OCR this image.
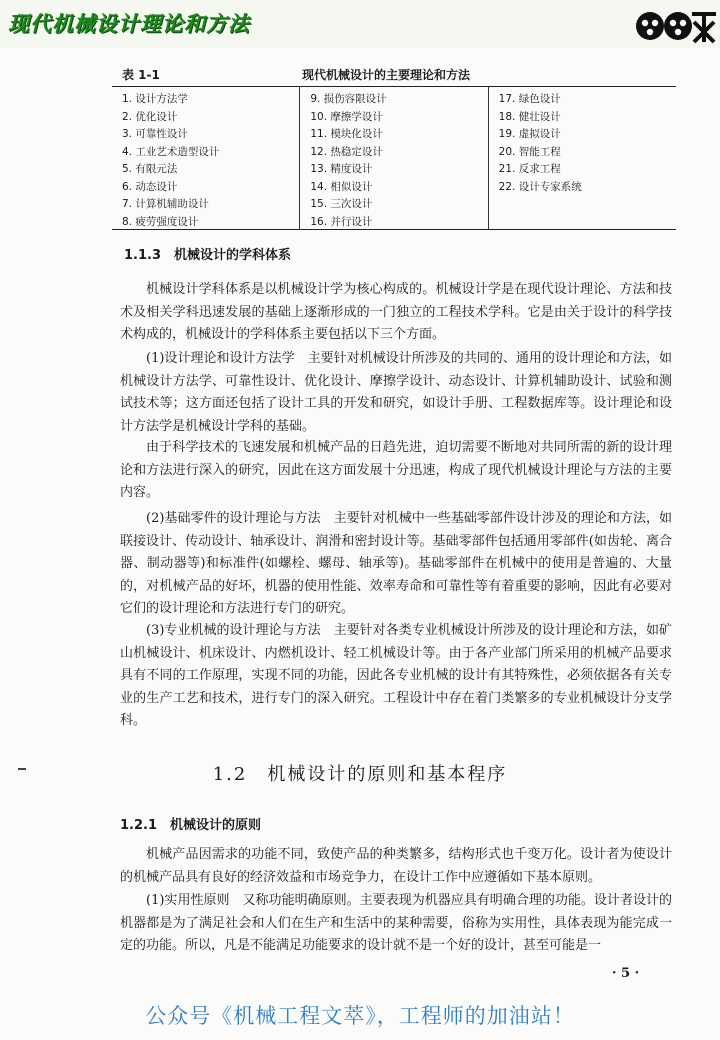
现代机械设计理论和方法
表 1-1	现代机械设计的主要理论和方法
1. 设计方法学
2. 优化设计
3. 可靠性设计
4. 工业艺术造型设计
5. 有限元法
6. 动态设计
7. 计算机辅助设计
8. 疲劳强度设计
9. 损伤容限设计
10. 摩擦学设计
11. 模块化设计
12. 热稳定设计
13. 精度设计
14. 相似设计
15. 三次设计
16. 并行设计
17. 绿色设计
18. 健壮设计
19. 虚拟设计
20. 智能工程
21. 反求工程
22. 设计专家系统
1.1.3　机械设计的学科体系

机械设计学科体系是以机械设计学为核心构成的。机械设计学是在现代设计理论、方法和技术及相关学科迅速发展的基础上逐渐形成的一门独立的工程技术学科。它是由关于设计的科学技术构成的，机械设计的学科体系主要包括以下三个方面。

(1)设计理论和设计方法学　主要针对机械设计所涉及的共同的、通用的设计理论和方法，如机械设计方法学、可靠性设计、优化设计、摩擦学设计、动态设计、计算机辅助设计、试验和测试技术等；这方面还包括了设计工具的开发和研究，如设计手册、工程数据库等。设计理论和设计方法学是机械设计学科的基础。

由于科学技术的飞速发展和机械产品的日趋先进，迫切需要不断地对共同所需的新的设计理论和方法进行深入的研究，因此在这方面发展十分迅速，构成了现代机械设计理论与方法的主要内容。

(2)基础零件的设计理论与方法　主要针对机械中一些基础零部件设计涉及的理论和方法，如联接设计、传动设计、轴承设计、润滑和密封设计等。基础零部件包括通用零部件(如齿轮、离合器、制动器等)和标准件(如螺栓、螺母、轴承等)。基础零部件在机械中的使用是普遍的、大量的，对机械产品的好坏，机器的使用性能、效率寿命和可靠性等有着重要的影响，因此有必要对它们的设计理论和方法进行专门的研究。

(3)专业机械的设计理论与方法　主要针对各类专业机械设计所涉及的设计理论和方法，如矿山机械设计、机床设计、内燃机设计、轻工机械设计等。由于各产业部门所采用的机械产品要求具有不同的工作原理，实现不同的功能，因此各专业机械的设计有其特殊性，必须依据各有关专业的生产工艺和技术，进行专门的深入研究。工程设计中存在着门类繁多的专业机械设计分支学科。

1.2　机械设计的原则和基本程序
1.2.1　机械设计的原则

机械产品因需求的功能不同，致使产品的种类繁多，结构形式也千变万化。设计者为使设计的机械产品具有良好的经济效益和市场竞争力，在设计工作中应遵循如下基本原则。

(1)实用性原则　又称功能明确原则。主要表现为机器应具有明确合理的功能。设计者设计的机器都是为了满足社会和人们在生产和生活中的某种需要，俗称为实用性，具体表现为能完成一定的功能。所以，凡是不能满足功能要求的设计就不是一个好的设计，甚至可能是一

· 5 ·
公众号《机械工程文萃》，工程师的加油站！
